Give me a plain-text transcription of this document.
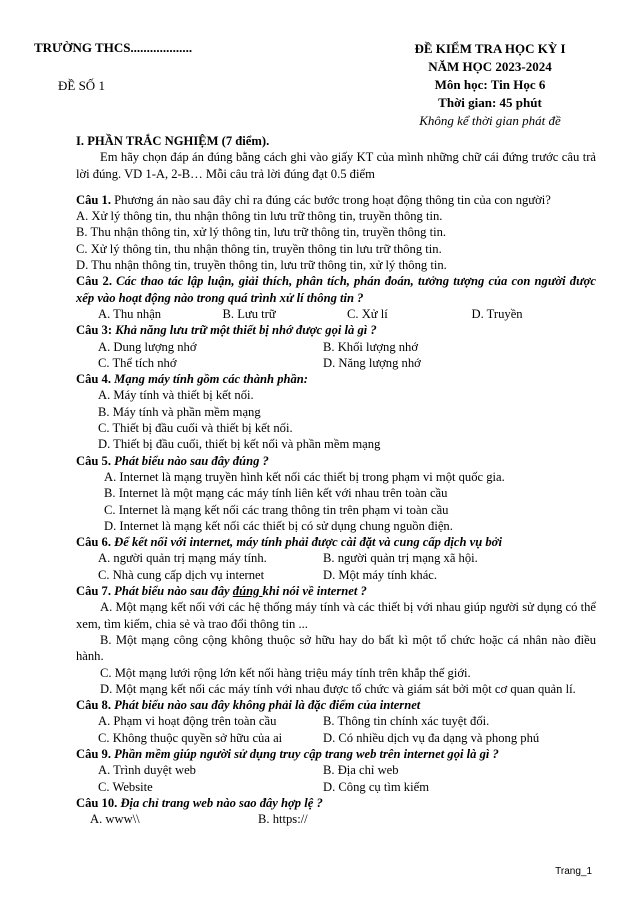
TRƯỜNG THCS...................
ĐỀ SỐ 1
ĐỀ KIỂM TRA HỌC KỲ I
NĂM HỌC 2023-2024
Môn học: Tin Học 6
Thời gian: 45 phút
Không kể thời gian phát đề
I. PHẦN TRẮC NGHIỆM (7 điểm).
Em hãy chọn đáp án đúng bằng cách ghi vào giấy KT của mình những chữ cái đứng trước câu trả lời đúng. VD 1-A, 2-B… Mỗi câu trả lời đúng đạt 0.5 điểm
Câu 1. Phương án nào sau đây chỉ ra đúng các bước trong hoạt động thông tin của con người?
A. Xử lý thông tin, thu nhận thông tin lưu trữ thông tin, truyền thông tin.
B. Thu nhận thông tin, xử lý thông tin, lưu trữ thông tin, truyền thông tin.
C. Xử lý thông tin, thu nhận thông tin, truyền thông tin lưu trữ thông tin.
D. Thu nhận thông tin, truyền thông tin, lưu trữ thông tin, xử lý thông tin.
Câu 2. Các thao tác lập luận, giải thích, phân tích, phán đoán, tưởng tượng của con người được xếp vào hoạt động nào trong quá trình xử lí thông tin ?
A. Thu nhận	B. Lưu trữ	C. Xử lí	D. Truyền
Câu 3: Khả năng lưu trữ một thiết bị nhớ được gọi là gì ?
A. Dung lượng nhớ	B. Khối lượng nhớ
C. Thể tích nhớ	D. Năng lượng nhớ
Câu 4. Mạng máy tính gồm các thành phần:
A. Máy tính và thiết bị kết nối.
B. Máy tính và phần mềm mạng
C. Thiết bị đầu cuối và thiết bị kết nối.
D. Thiết bị đầu cuối, thiết bị kết nối và phần mềm mạng
Câu 5. Phát biểu nào sau đây đúng ?
A. Internet là mạng truyền hình kết nối các thiết bị trong phạm vi một quốc gia.
B. Internet là một mạng các máy tính liên kết với nhau trên toàn cầu
C. Internet là mạng kết nối các trang thông tin trên phạm vi toàn cầu
D. Internet là mạng kết nối các thiết bị có sử dụng chung nguồn điện.
Câu 6. Để kết nối với internet, máy tính phải được cài đặt và cung cấp dịch vụ bởi
A. người quản trị mạng máy tính.	B. người quản trị mạng xã hội.
C. Nhà cung cấp dịch vụ internet	D. Một máy tính khác.
Câu 7. Phát biểu nào sau đây đúng khi nói về internet ?
A. Một mạng kết nối với các hệ thống máy tính và các thiết bị với nhau giúp người sử dụng có thể xem, tìm kiếm, chia sẻ và trao đổi thông tin ...
B. Một mạng công cộng không thuộc sở hữu hay do bất kì một tổ chức hoặc cá nhân nào điều hành.
C. Một mạng lưới rộng lớn kết nối hàng triệu máy tính trên khắp thế giới.
D. Một mạng kết nối các máy tính với nhau được tổ chức và giám sát bởi một cơ quan quản lí.
Câu 8. Phát biểu nào sau đây không phải là đặc điểm của internet
A. Phạm vi hoạt động trên toàn cầu	B. Thông tin chính xác tuyệt đối.
C. Không thuộc quyền sở hữu của ai	D. Có nhiều dịch vụ đa dạng và phong phú
Câu 9. Phần mềm giúp người sử dụng truy cập trang web trên internet gọi là gì ?
A. Trình duyệt web	B. Địa chỉ web
C. Website	D. Công cụ tìm kiếm
Câu 10. Địa chỉ trang web nào sao đây hợp lệ ?
A. www\\	B. https://
Trang_1
